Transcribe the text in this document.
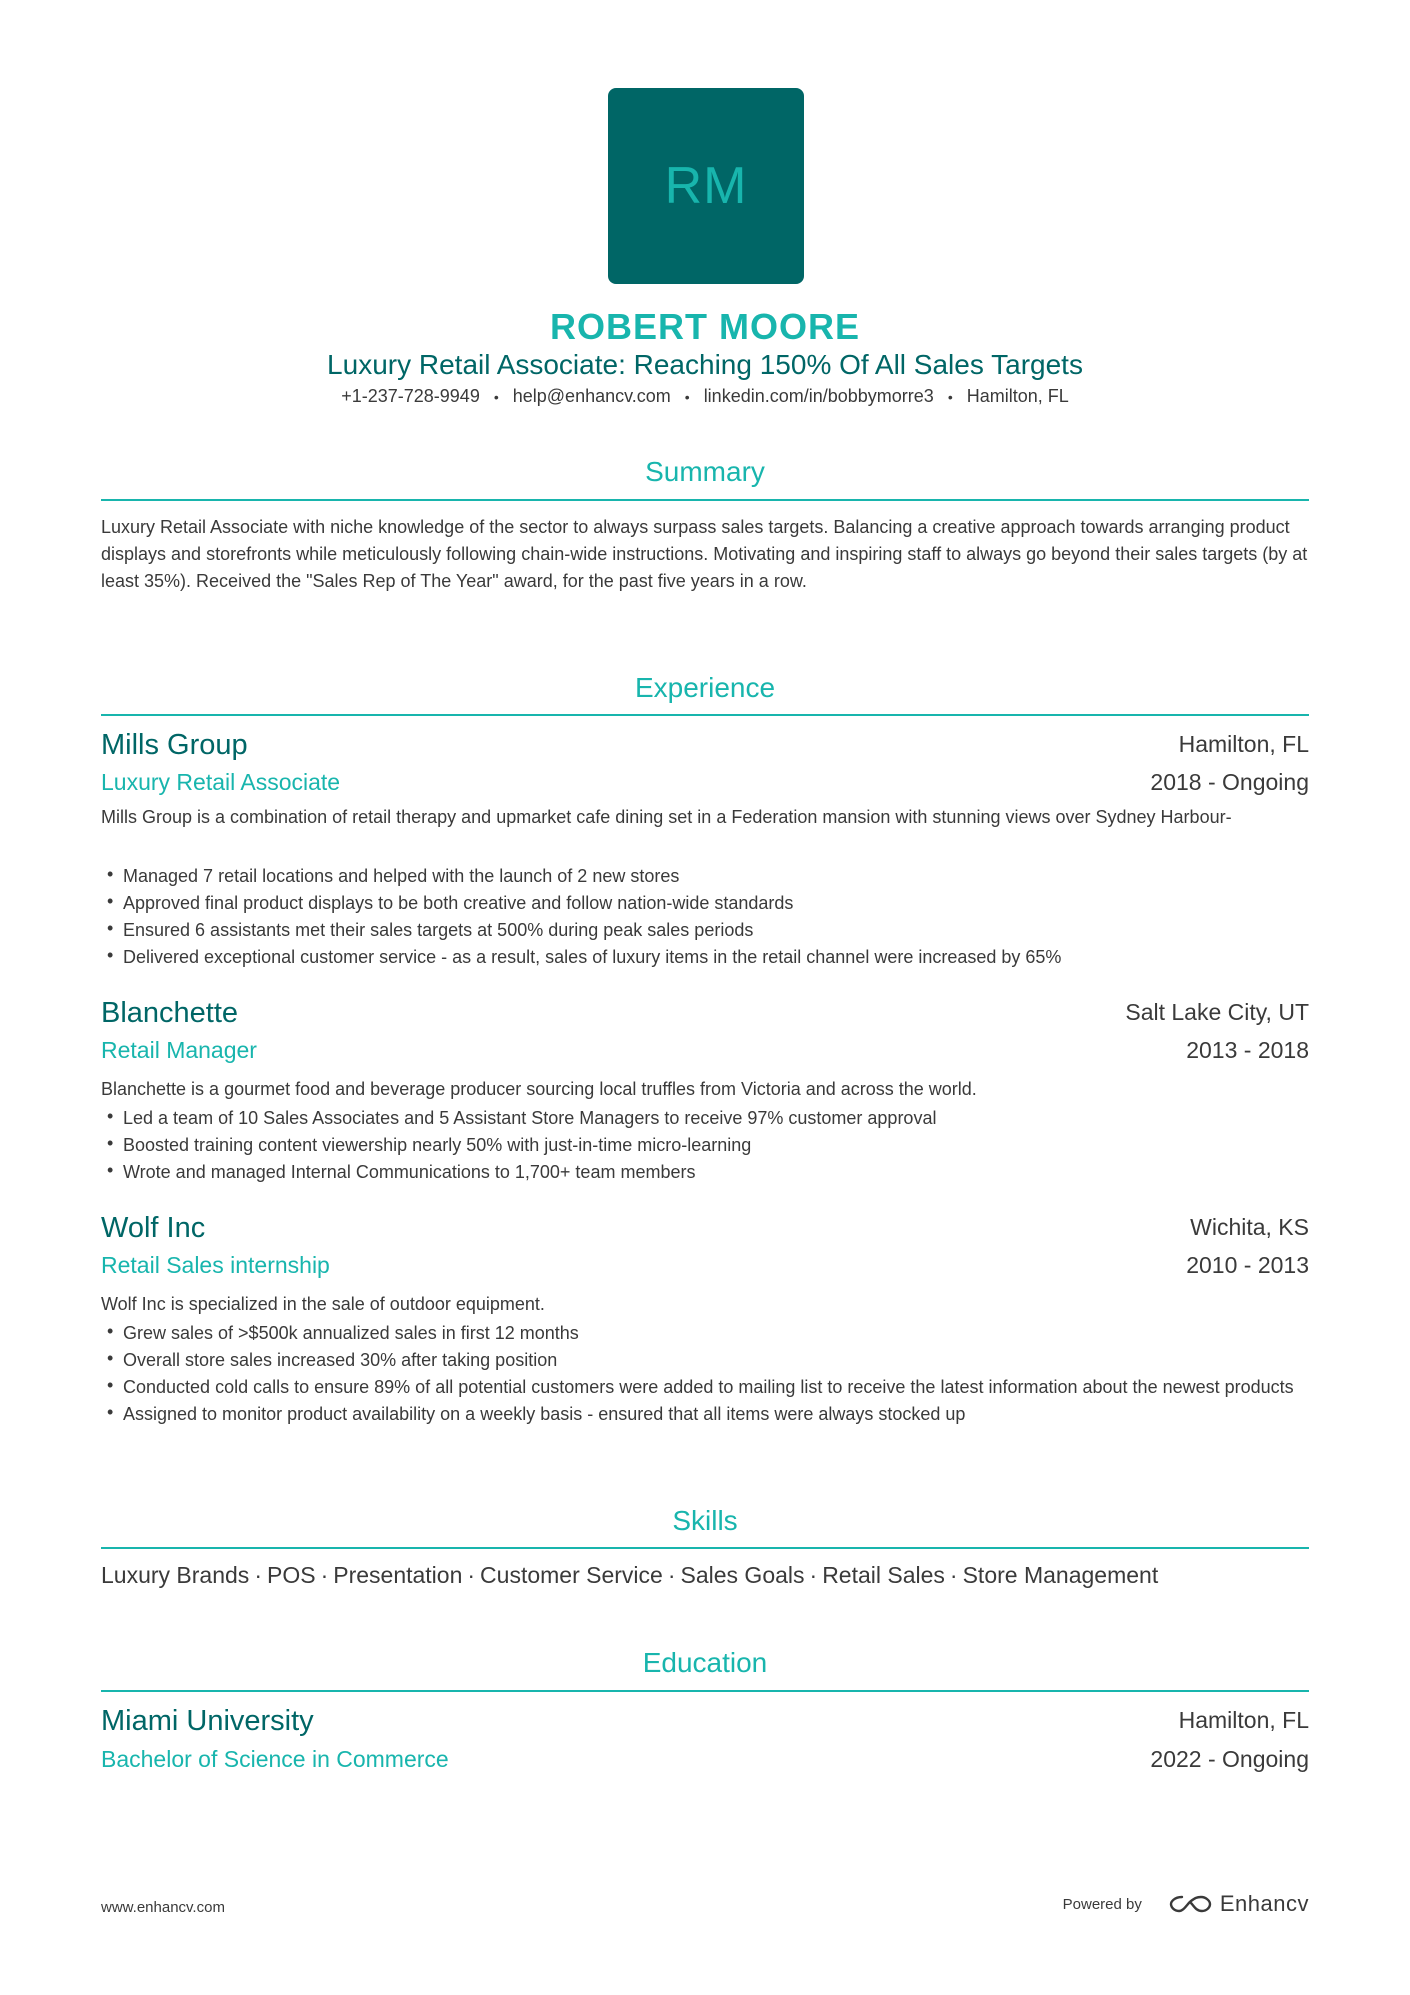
RM
ROBERT MOORE
Luxury Retail Associate: Reaching 150% Of All Sales Targets
+1-237-728-9949 • help@enhancv.com • linkedin.com/in/bobbymorre3 • Hamilton, FL
Summary
Luxury Retail Associate with niche knowledge of the sector to always surpass sales targets. Balancing a creative approach towards arranging product displays and storefronts while meticulously following chain-wide instructions. Motivating and inspiring staff to always go beyond their sales targets (by at least 35%). Received the "Sales Rep of The Year" award, for the past five years in a row.
Experience
Mills Group	Hamilton, FL
Luxury Retail Associate	2018 - Ongoing
Mills Group is a combination of retail therapy and upmarket cafe dining set in a Federation mansion with stunning views over Sydney Harbour-
• Managed 7 retail locations and helped with the launch of 2 new stores
• Approved final product displays to be both creative and follow nation-wide standards
• Ensured 6 assistants met their sales targets at 500% during peak sales periods
• Delivered exceptional customer service - as a result, sales of luxury items in the retail channel were increased by 65%
Blanchette	Salt Lake City, UT
Retail Manager	2013 - 2018
Blanchette is a gourmet food and beverage producer sourcing local truffles from Victoria and across the world.
• Led a team of 10 Sales Associates and 5 Assistant Store Managers to receive 97% customer approval
• Boosted training content viewership nearly 50% with just-in-time micro-learning
• Wrote and managed Internal Communications to 1,700+ team members
Wolf Inc	Wichita, KS
Retail Sales internship	2010 - 2013
Wolf Inc is specialized in the sale of outdoor equipment.
• Grew sales of >$500k annualized sales in first 12 months
• Overall store sales increased 30% after taking position
• Conducted cold calls to ensure 89% of all potential customers were added to mailing list to receive the latest information about the newest products
• Assigned to monitor product availability on a weekly basis - ensured that all items were always stocked up
Skills
Luxury Brands · POS · Presentation · Customer Service · Sales Goals · Retail Sales · Store Management
Education
Miami University	Hamilton, FL
Bachelor of Science in Commerce	2022 - Ongoing
www.enhancv.com	Powered by	Enhancv
